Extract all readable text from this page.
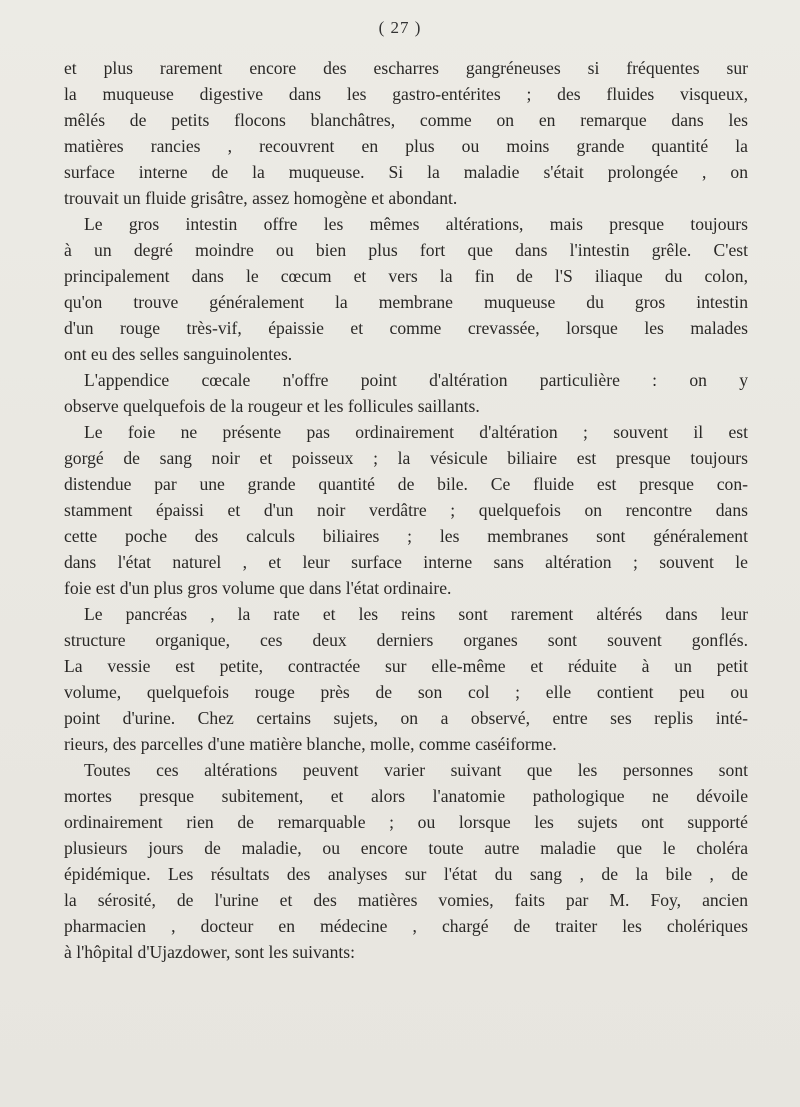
( 27 )
et plus rarement encore des escharres gangréneuses si fréquentes sur
la muqueuse digestive dans les gastro-entérites ; des fluides visqueux,
mêlés de petits flocons blanchâtres, comme on en remarque dans les
matières rancies , recouvrent en plus ou moins grande quantité la
surface interne de la muqueuse. Si la maladie s'était prolongée , on
trouvait un fluide grisâtre, assez homogène et abondant.
Le gros intestin offre les mêmes altérations, mais presque toujours
à un degré moindre ou bien plus fort que dans l'intestin grêle. C'est
principalement dans le cœcum et vers la fin de l'S iliaque du colon,
qu'on trouve généralement la membrane muqueuse du gros intestin
d'un rouge très-vif, épaissie et comme crevassée, lorsque les malades
ont eu des selles sanguinolentes.
L'appendice cœcale n'offre point d'altération particulière : on y
observe quelquefois de la rougeur et les follicules saillants.
Le foie ne présente pas ordinairement d'altération ; souvent il est
gorgé de sang noir et poisseux ; la vésicule biliaire est presque toujours
distendue par une grande quantité de bile. Ce fluide est presque con-
stamment épaissi et d'un noir verdâtre ; quelquefois on rencontre dans
cette poche des calculs biliaires ; les membranes sont généralement
dans l'état naturel , et leur surface interne sans altération ; souvent le
foie est d'un plus gros volume que dans l'état ordinaire.
Le pancréas , la rate et les reins sont rarement altérés dans leur
structure organique, ces deux derniers organes sont souvent gonflés.
La vessie est petite, contractée sur elle-même et réduite à un petit
volume, quelquefois rouge près de son col ; elle contient peu ou
point d'urine. Chez certains sujets, on a observé, entre ses replis inté-
rieurs, des parcelles d'une matière blanche, molle, comme caséiforme.
Toutes ces altérations peuvent varier suivant que les personnes sont
mortes presque subitement, et alors l'anatomie pathologique ne dévoile
ordinairement rien de remarquable ; ou lorsque les sujets ont supporté
plusieurs jours de maladie, ou encore toute autre maladie que le choléra
épidémique. Les résultats des analyses sur l'état du sang , de la bile , de
la sérosité, de l'urine et des matières vomies, faits par M. Foy, ancien
pharmacien , docteur en médecine , chargé de traiter les cholériques
à l'hôpital d'Ujazdower, sont les suivants:
